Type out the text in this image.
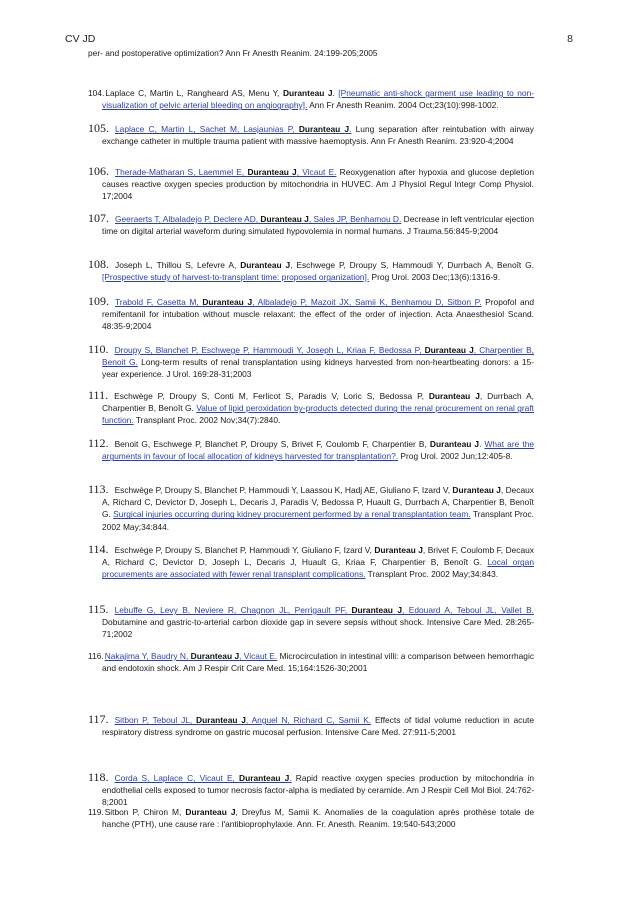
CV JD	8

per- and postoperative optimization? Ann Fr Anesth Reanim. 24:199-205;2005

104.Laplace C, Martin L, Rangheard AS, Menu Y, Duranteau J. [Pneumatic anti-shock garment use leading to non-visualization of pelvic arterial bleeding on angiography]. Ann Fr Anesth Reanim. 2004 Oct;23(10):998-1002.

105. Laplace C, Martin L, Sachet M, Lasjaunias P, Duranteau J. Lung separation after reintubation with airway exchange catheter in multiple trauma patient with massive haemoptysis. Ann Fr Anesth Reanim. 23:920-4;2004

106. Therade-Matharan S, Laemmel E, Duranteau J, Vicaut E. Reoxygenation after hypoxia and glucose depletion causes reactive oxygen species production by mitochondria in HUVEC. Am J Physiol Regul Integr Comp Physiol. 17;2004

107. Geeraerts T, Albaladejo P, Declere AD, Duranteau J, Sales JP, Benhamou D. Decrease in left ventricular ejection time on digital arterial waveform during simulated hypovolemia in normal humans. J Trauma.56:845-9;2004

108. Joseph L, Thillou S, Lefevre A, Duranteau J, Eschwege P, Droupy S, Hammoudi Y, Durrbach A, Benoît G. [Prospective study of harvest-to-transplant time: proposed organization]. Prog Urol. 2003 Dec;13(6):1316-9.

109. Trabold F, Casetta M, Duranteau J, Albaladejo P, Mazoit JX, Samii K, Benhamou D, Sitbon P. Propofol and remifentanil for intubation without muscle relaxant: the effect of the order of injection. Acta Anaesthesiol Scand. 48:35-9;2004

110. Droupy S, Blanchet P, Eschwege P, Hammoudi Y, Joseph L, Kriaa F, Bedossa P, Duranteau J, Charpentier B, Benoit G. Long-term results of renal transplantation using kidneys harvested from non-heartbeating donors: a 15-year experience. J Urol. 169:28-31;2003

111. Eschwège P, Droupy S, Conti M, Ferlicot S, Paradis V, Loric S, Bedossa P, Duranteau J, Durrbach A, Charpentier B, Benoît G. Value of lipid peroxidation by-products detected during the renal procurement on renal graft function. Transplant Proc. 2002 Nov;34(7):2840.

112. Benoit G, Eschwege P, Blanchet P, Droupy S, Brivet F, Coulomb F, Charpentier B, Duranteau J. What are the arguments in favour of local allocation of kidneys harvested for transplantation?. Prog Urol. 2002 Jun;12:405-8.

113. Eschwège P, Droupy S, Blanchet P, Hammoudi Y, Laassou K, Hadj AE, Giuliano F, Izard V, Duranteau J, Decaux A, Richard C, Devictor D, Joseph L, Decaris J, Paradis V, Bedossa P, Huault G, Durrbach A, Charpentier B, Benoît G. Surgical injuries occurring during kidney procurement performed by a renal transplantation team. Transplant Proc. 2002 May;34:844.

114. Eschwège P, Droupy S, Blanchet P, Hammoudi Y, Giuliano F, Izard V, Duranteau J, Brivet F, Coulomb F, Decaux A, Richard C, Devictor D, Joseph L, Decaris J, Huault G, Kriaa F, Charpentier B, Benoît G. Local organ procurements are associated with fewer renal transplant complications. Transplant Proc. 2002 May;34:843.

115. Lebuffe G, Levy B, Neviere R, Chagnon JL, Perrigault PF, Duranteau J, Edouard A, Teboul JL, Vallet B. Dobutamine and gastric-to-arterial carbon dioxide gap in severe sepsis without shock. Intensive Care Med. 28:265-71;2002

116.Nakajima Y, Baudry N, Duranteau J, Vicaut E. Microcirculation in intestinal villi: a comparison between hemorrhagic and endotoxin shock. Am J Respir Crit Care Med. 15;164:1526-30;2001

117. Sitbon P, Teboul JL, Duranteau J, Anguel N, Richard C, Samii K. Effects of tidal volume reduction in acute respiratory distress syndrome on gastric mucosal perfusion. Intensive Care Med. 27:911-5;2001

118. Corda S, Laplace C, Vicaut E, Duranteau J. Rapid reactive oxygen species production by mitochondria in endothelial cells exposed to tumor necrosis factor-alpha is mediated by ceramide. Am J Respir Cell Mol Biol. 24:762-8;2001

119.Sitbon P, Chiron M, Duranteau J, Dreyfus M, Samii K. Anomalies de la coagulation après prothèse totale de hanche (PTH), une cause rare : l'antibioprophylaxie. Ann. Fr. Anesth. Reanim. 19:540-543;2000
